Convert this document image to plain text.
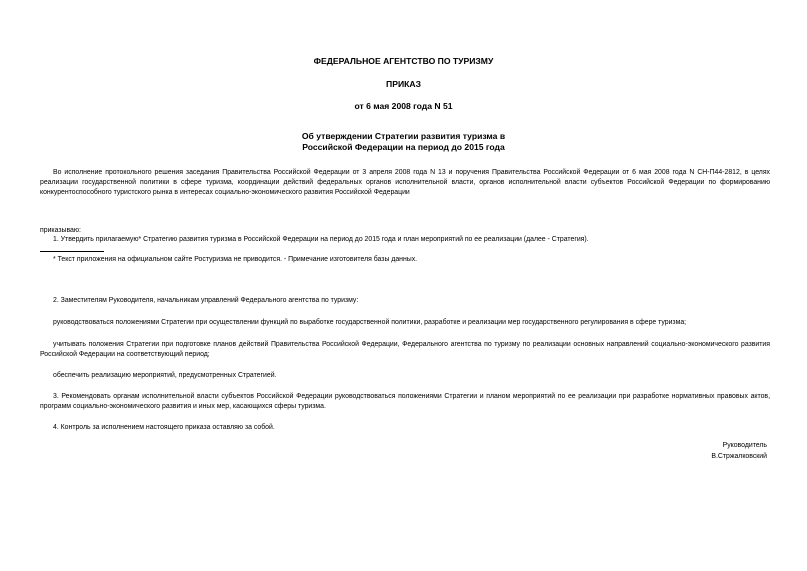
ФЕДЕРАЛЬНОЕ АГЕНТСТВО ПО ТУРИЗМУ
ПРИКАЗ
от 6 мая 2008 года N 51
Об утверждении Стратегии развития туризма в
Российской Федерации на период до 2015 года
Во исполнение протокольного решения заседания Правительства Российской Федерации от 3 апреля 2008 года N 13 и поручения Правительства Российской Федерации от 6 мая 2008 года N СН-П44-2812, в целях реализации государственной политики в сфере туризма, координации действий федеральных органов исполнительной власти, органов исполнительной власти субъектов Российской Федерации по формированию конкурентоспособного туристского рынка в интересах социально-экономического развития Российской Федерации
приказываю:
1. Утвердить прилагаемую* Стратегию развития туризма в Российской Федерации на период до 2015 года и план мероприятий по ее реализации (далее - Стратегия).
* Текст приложения на официальном сайте Ростуризма не приводится. - Примечание изготовителя базы данных.
2. Заместителям Руководителя, начальникам управлений Федерального агентства по туризму:
руководствоваться положениями Стратегии при осуществлении функций по выработке государственной политики, разработке и реализации мер государственного регулирования в сфере туризма;
учитывать положения Стратегии при подготовке планов действий Правительства Российской Федерации, Федерального агентства по туризму по реализации основных направлений социально-экономического развития Российской Федерации на соответствующий период;
обеспечить реализацию мероприятий, предусмотренных Стратегией.
3. Рекомендовать органам исполнительной власти субъектов Российской Федерации руководствоваться положениями Стратегии и планом мероприятий по ее реализации при разработке нормативных правовых актов, программ социально-экономического развития и иных мер, касающихся сферы туризма.
4. Контроль за исполнением настоящего приказа оставляю за собой.
Руководитель
В.Стржалковский
